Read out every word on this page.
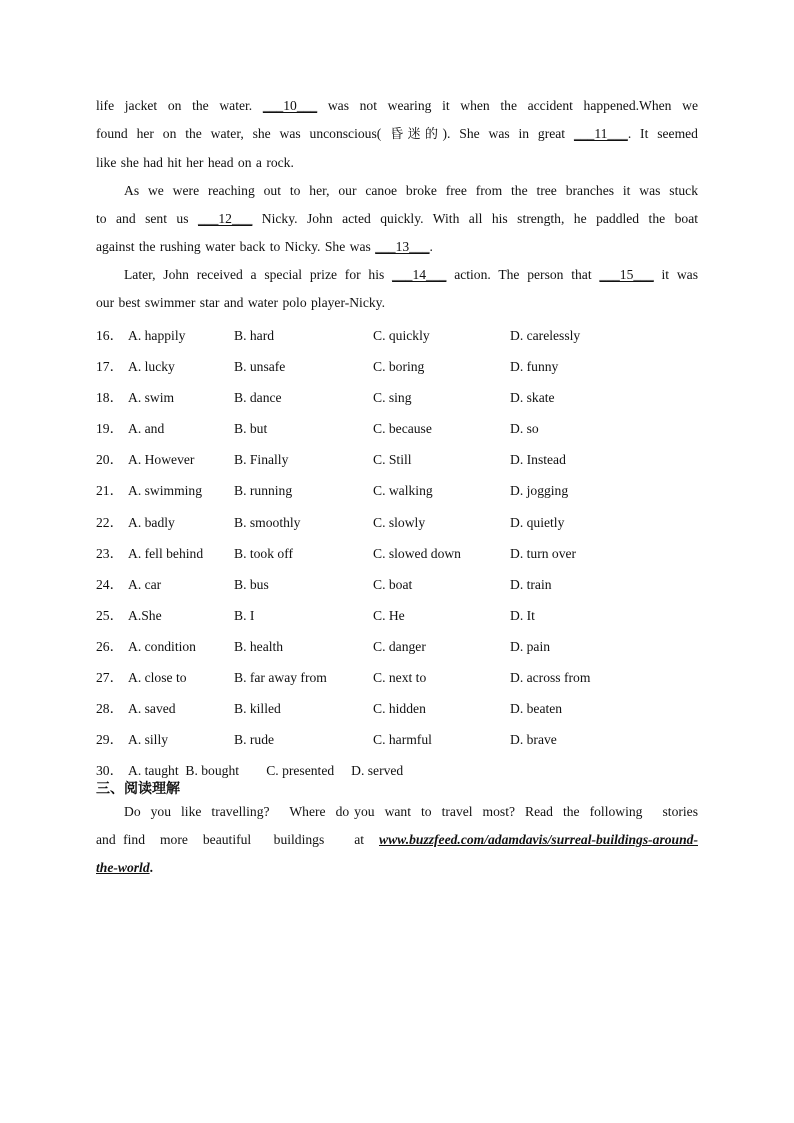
life jacket on the water. ___10___ was not wearing it when the accident happened.When we
found her on the water, she was unconscious( 昏迷的). She was in great ___11___. It seemed
like she had hit her head on a rock.
As we were reaching out to her, our canoe broke free from the tree branches it was stuck
to and sent us ___12___ Nicky. John acted quickly. With all his strength, he paddled the boat
against the rushing water back to Nicky. She was ___13___.
Later, John received a special prize for his ___14___ action. The person that ___15___ it was
our best swimmer star and water polo player-Nicky.
16． A. happily	B. hard	C. quickly	D. carelessly
17． A. lucky	B. unsafe	C. boring	D. funny
18． A. swim	B. dance	C. sing	D. skate
19． A. and	B. but	C. because	D. so
20． A. However	B. Finally	C. Still	D. Instead
21． A. swimming B. running	C. walking	D. jogging
22． A. badly	B. smoothly	C. slowly	D. quietly
23． A. fell behind B. took off	C. slowed down	D. turn over
24． A. car	B. bus	C. boat	D. train
25． A.She	B. I	C. He	D. It
26． A. condition	B. health	C. danger	D. pain
27． A. close to	B. far away from	C. next to	D. across from
28． A. saved	B. killed	C. hidden	D. beaten
29． A. silly	B. rude	C. harmful	D. brave
30． A. taught  B. bought        C. presented     D. served
三、阅读理解
Do  you  like  travelling?    Where  do you  want  to  travel  most?  Read  the  following    stories
and find  more  beautiful   buildings    at  www.buzzfeed.com/adamdavis/surreal-buildings-around-
the-world.
